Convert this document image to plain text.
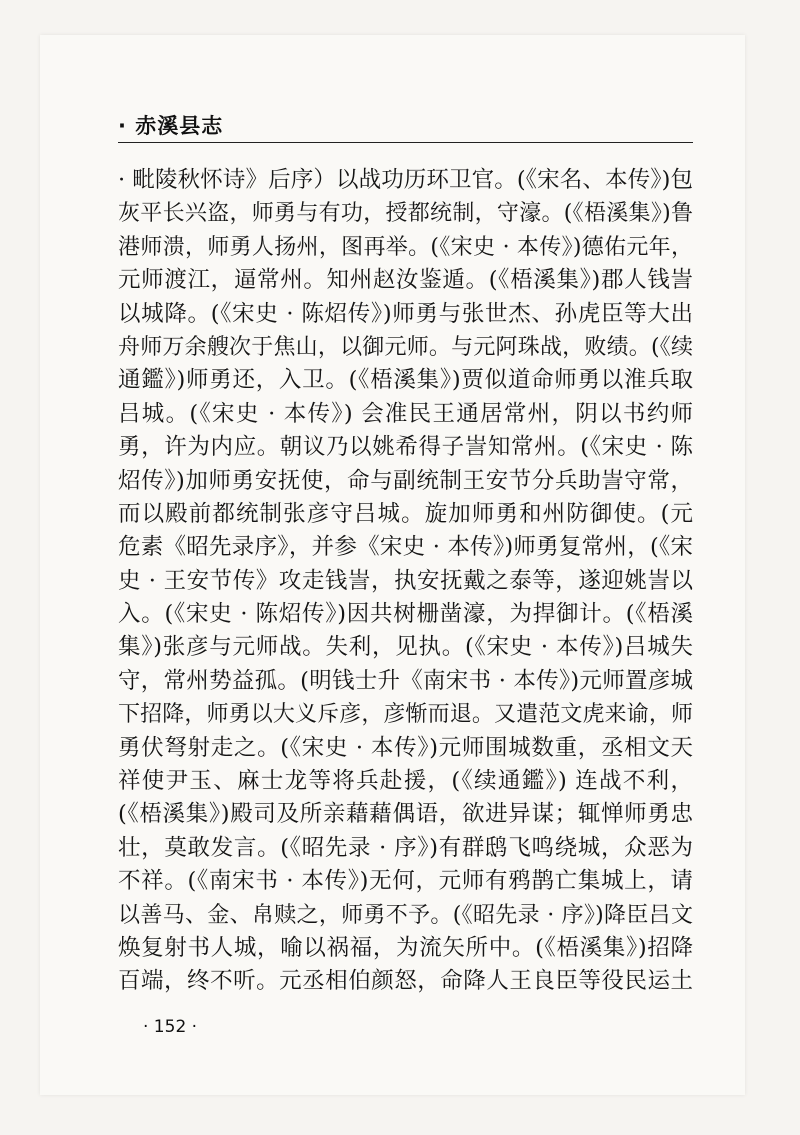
· 赤溪县志
· 毗陵秋怀诗》后序）以战功历环卫官。(《宋名、本传》)包
灰平长兴盗，师勇与有功，授都统制，守濠。(《梧溪集》)鲁
港师溃，师勇人扬州，图再举。(《宋史 · 本传》)德佑元年，
元师渡江，逼常州。知州赵汝鉴遁。(《梧溪集》)郡人钱訔
以城降。(《宋史 · 陈炤传》)师勇与张世杰、孙虎臣等大出
舟师万余艘次于焦山，以御元师。与元阿珠战，败绩。(《续
通鑑》)师勇还，入卫。(《梧溪集》)贾似道命师勇以淮兵取
吕城。(《宋史 · 本传》) 会准民王通居常州，阴以书约师
勇，许为内应。朝议乃以姚希得子訔知常州。(《宋史 · 陈
炤传》)加师勇安抚使，命与副统制王安节分兵助訔守常，
而以殿前都统制张彦守吕城。旋加师勇和州防御使。(元
危素《昭先录序》，并参《宋史 · 本传》)师勇复常州，(《宋
史 · 王安节传》攻走钱訔，执安抚戴之泰等，遂迎姚訔以
入。(《宋史 · 陈炤传》)因共树栅凿濠，为捍御计。(《梧溪
集》)张彦与元师战。失利，见执。(《宋史 · 本传》)吕城失
守，常州势益孤。(明钱士升《南宋书 · 本传》)元师置彦城
下招降，师勇以大义斥彦，彦惭而退。又遣范文虎来谕，师
勇伏弩射走之。(《宋史 · 本传》)元师围城数重，丞相文天
祥使尹玉、麻士龙等将兵赴援，(《续通鑑》) 连战不利，
(《梧溪集》)殿司及所亲藉藉偶语，欲进异谋；辄惮师勇忠
壮，莫敢发言。(《昭先录 · 序》)有群鸱飞鸣绕城，众恶为
不祥。(《南宋书 · 本传》)无何，元师有鸦鹊亡集城上，请
以善马、金、帛赎之，师勇不予。(《昭先录 · 序》)降臣吕文
焕复射书人城，喻以祸福，为流矢所中。(《梧溪集》)招降
百端，终不听。元丞相伯颜怒，命降人王良臣等役民运土
· 152 ·
